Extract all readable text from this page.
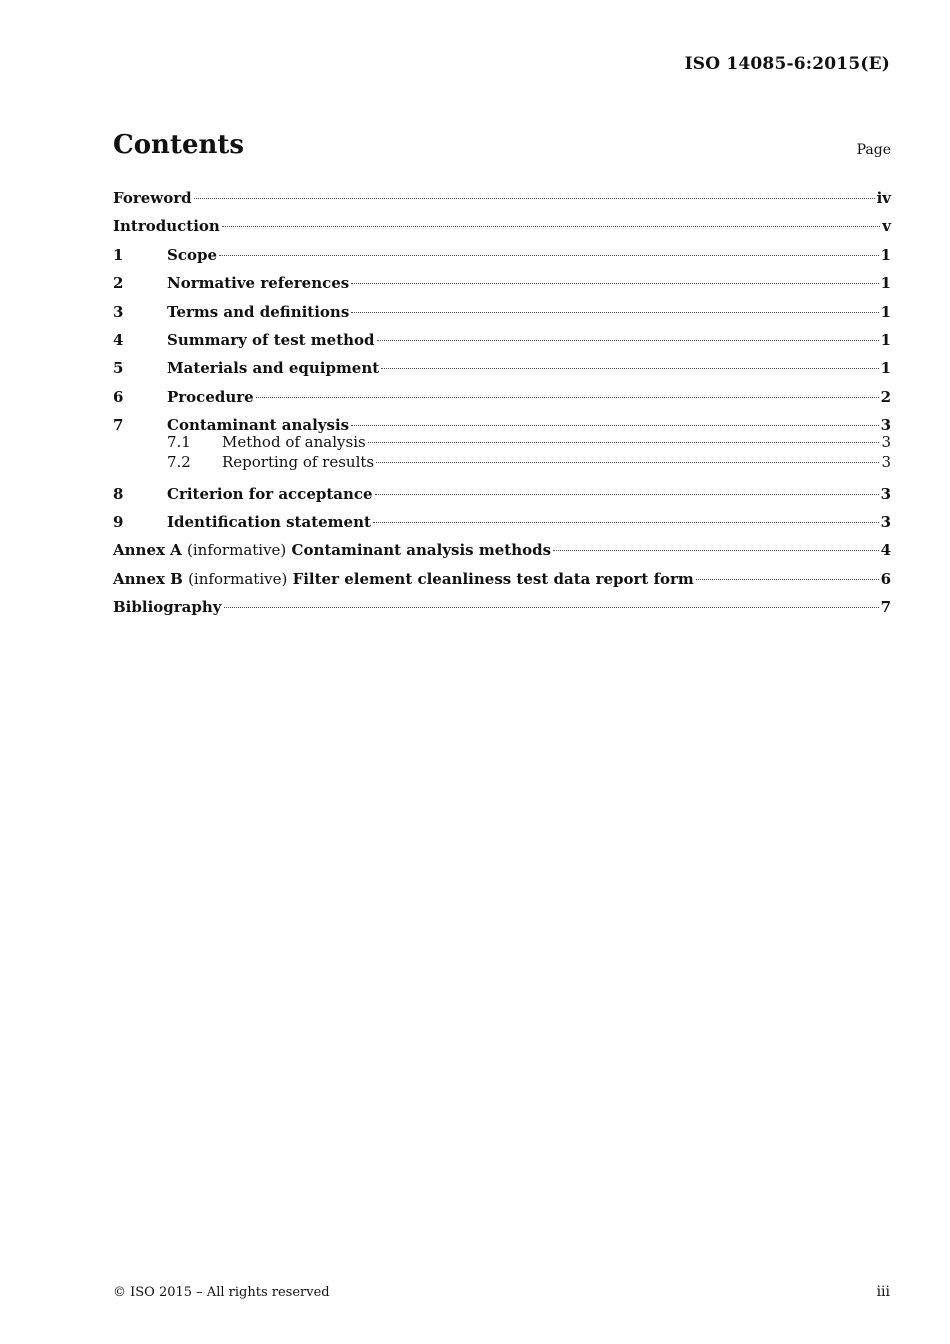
ISO 14085-6:2015(E)
Contents	Page
Foreword	iv
Introduction	v
1	Scope	1
2	Normative references	1
3	Terms and definitions	1
4	Summary of test method	1
5	Materials and equipment	1
6	Procedure	2
7	Contaminant analysis	3
7.1	Method of analysis	3
7.2	Reporting of results	3
8	Criterion for acceptance	3
9	Identification statement	3
Annex A (informative) Contaminant analysis methods	4
Annex B (informative) Filter element cleanliness test data report form	6
Bibliography	7
© ISO 2015 – All rights reserved	iii
